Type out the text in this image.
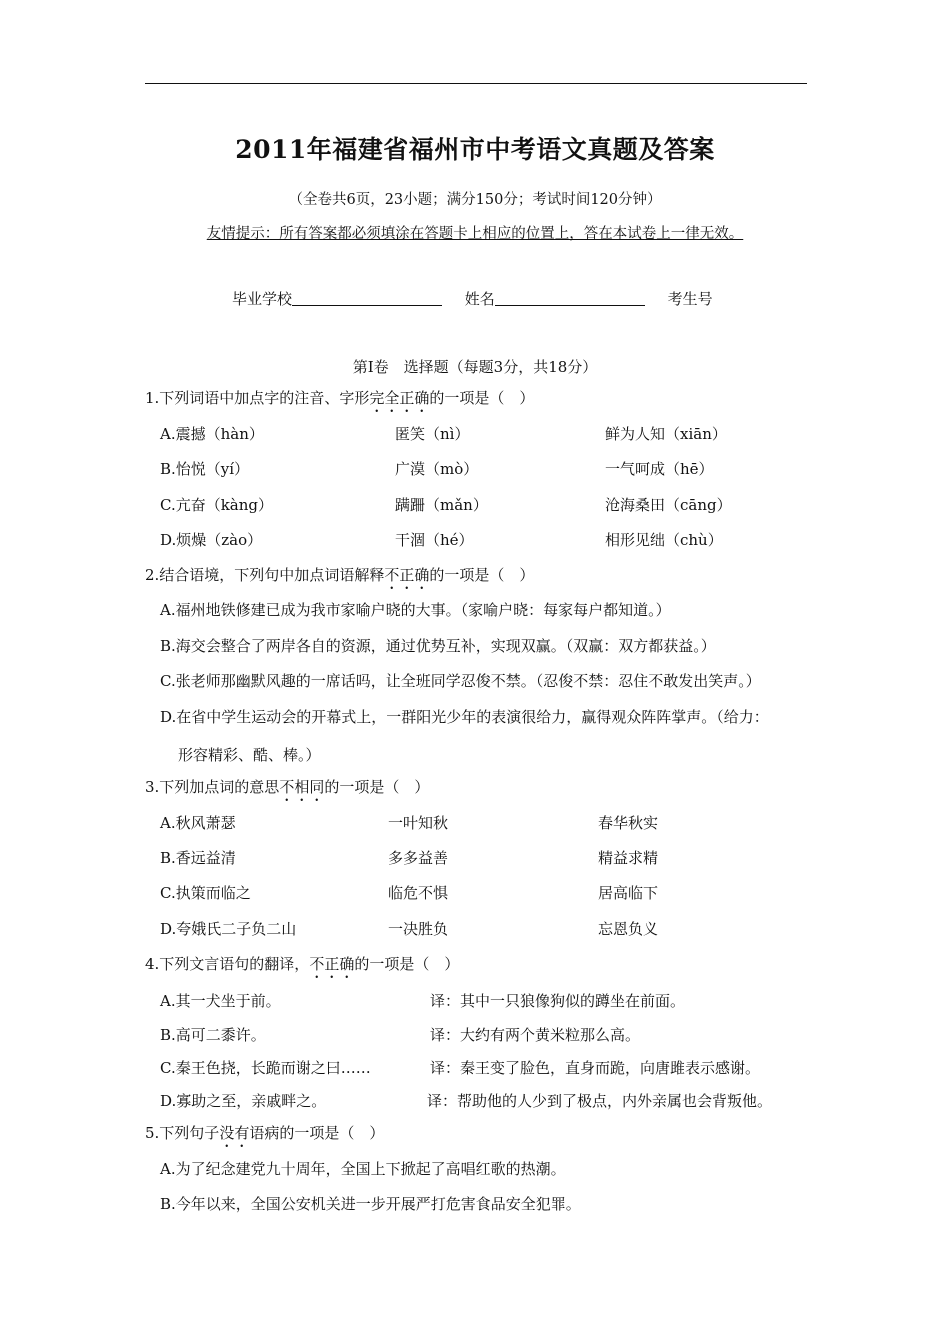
2011年福建省福州市中考语文真题及答案
（全卷共6页，23小题；满分150分；考试时间120分钟）
友情提示：所有答案都必须填涂在答题卡上相应的位置上，答在本试卷上一律无效。
毕业学校	姓名	考生号
第Ⅰ卷　选择题（每题3分，共18分）
1.下列词语中加点字的注音、字形完全正确的一项是（　）
A.震撼（hàn）	匿笑（nì）	鲜为人知（xiān）
B.怡悦（yí）	广漠（mò）	一气呵成（hē）
C.亢奋（kàng）	蹒跚（mǎn）	沧海桑田（cāng）
D.烦燥（zào）	干涸（hé）	相形见绌（chù）
2.结合语境，下列句中加点词语解释不正确的一项是（　）
A.福州地铁修建已成为我市家喻户晓的大事。（家喻户晓：每家每户都知道。）
B.海交会整合了两岸各自的资源，通过优势互补，实现双赢。（双赢：双方都获益。）
C.张老师那幽默风趣的一席话吗，让全班同学忍俊不禁。（忍俊不禁：忍住不敢发出笑声。）
D.在省中学生运动会的开幕式上，一群阳光少年的表演很给力，赢得观众阵阵掌声。（给力：
形容精彩、酷、棒。）
3.下列加点词的意思不相同的一项是（　）
A.秋风萧瑟	一叶知秋	春华秋实
B.香远益清	多多益善	精益求精
C.执策而临之	临危不惧	居高临下
D.夸娥氏二子负二山	一决胜负	忘恩负义
4.下列文言语句的翻译，不正确的一项是（　）
A.其一犬坐于前。	译：其中一只狼像狗似的蹲坐在前面。
B.高可二黍许。	译：大约有两个黄米粒那么高。
C.秦王色挠，长跪而谢之曰……	译：秦王变了脸色，直身而跪，向唐雎表示感谢。
D.寡助之至，亲戚畔之。	译：帮助他的人少到了极点，内外亲属也会背叛他。
5.下列句子没有语病的一项是（　）
A.为了纪念建党九十周年，全国上下掀起了高唱红歌的热潮。
B.今年以来，全国公安机关进一步开展严打危害食品安全犯罪。
